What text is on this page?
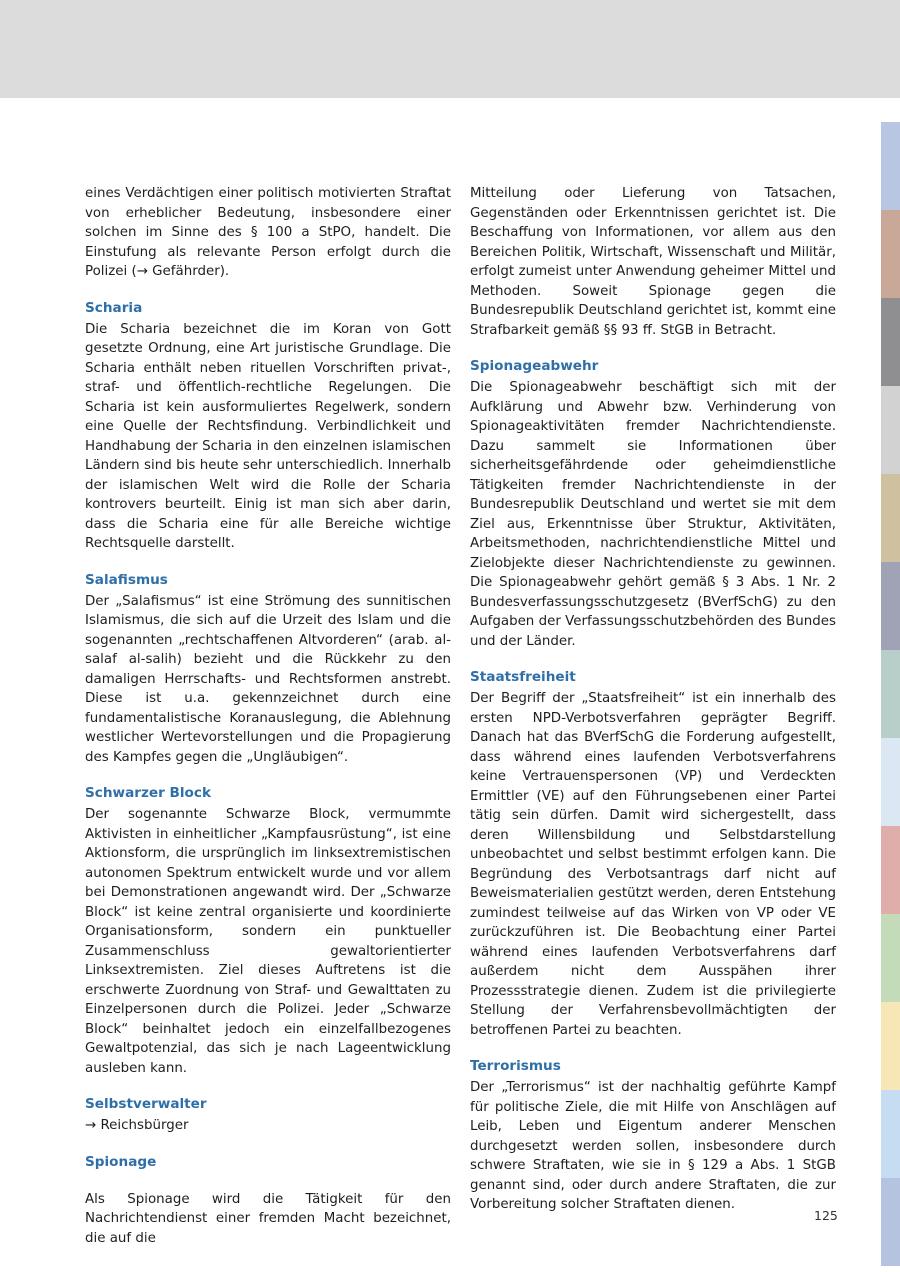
eines Verdächtigen einer politisch motivierten Straftat von erheblicher Bedeutung, insbesondere einer solchen im Sinne des § 100 a StPO, handelt. Die Einstufung als relevante Person erfolgt durch die Polizei (→ Gefährder).

Scharia

Die Scharia bezeichnet die im Koran von Gott gesetzte Ordnung, eine Art juristische Grundlage. Die Scharia enthält neben rituellen Vorschriften privat-, straf- und öffentlich-rechtliche Regelungen. Die Scharia ist kein ausformuliertes Regelwerk, sondern eine Quelle der Rechtsfindung. Verbindlichkeit und Handhabung der Scharia in den einzelnen islamischen Ländern sind bis heute sehr unterschiedlich. Innerhalb der islamischen Welt wird die Rolle der Scharia kontrovers beurteilt. Einig ist man sich aber darin, dass die Scharia eine für alle Bereiche wichtige Rechtsquelle darstellt.

Salafismus

Der „Salafismus“ ist eine Strömung des sunnitischen Islamismus, die sich auf die Urzeit des Islam und die sogenannten „rechtschaffenen Altvorderen“ (arab. al-salaf al-salih) bezieht und die Rückkehr zu den damaligen Herrschafts- und Rechtsformen anstrebt. Diese ist u.a. gekennzeichnet durch eine fundamentalistische Koranauslegung, die Ablehnung westlicher Wertevorstellungen und die Propagierung des Kampfes gegen die „Ungläubigen“.

Schwarzer Block

Der sogenannte Schwarze Block, vermummte Aktivisten in einheitlicher „Kampfausrüstung“, ist eine Aktionsform, die ursprünglich im linksextremistischen autonomen Spektrum entwickelt wurde und vor allem bei Demonstrationen angewandt wird. Der „Schwarze Block“ ist keine zentral organisierte und koordinierte Organisationsform, sondern ein punktueller Zusammenschluss gewaltorientierter Linksextremisten. Ziel dieses Auftretens ist die erschwerte Zuordnung von Straf- und Gewalttaten zu Einzelpersonen durch die Polizei. Jeder „Schwarze Block“ beinhaltet jedoch ein einzelfallbezogenes Gewaltpotenzial, das sich je nach Lageentwicklung ausleben kann.

Selbstverwalter

→ Reichsbürger

Spionage

Als Spionage wird die Tätigkeit für den Nachrichtendienst einer fremden Macht bezeichnet, die auf die

Mitteilung oder Lieferung von Tatsachen, Gegenständen oder Erkenntnissen gerichtet ist. Die Beschaffung von Informationen, vor allem aus den Bereichen Politik, Wirtschaft, Wissenschaft und Militär, erfolgt zumeist unter Anwendung geheimer Mittel und Methoden. Soweit Spionage gegen die Bundesrepublik Deutschland gerichtet ist, kommt eine Strafbarkeit gemäß §§ 93 ff. StGB in Betracht.

Spionageabwehr

Die Spionageabwehr beschäftigt sich mit der Aufklärung und Abwehr bzw. Verhinderung von Spionageaktivitäten fremder Nachrichtendienste. Dazu sammelt sie Informationen über sicherheitsgefährdende oder geheimdienstliche Tätigkeiten fremder Nachrichtendienste in der Bundesrepublik Deutschland und wertet sie mit dem Ziel aus, Erkenntnisse über Struktur, Aktivitäten, Arbeitsmethoden, nachrichtendienstliche Mittel und Zielobjekte dieser Nachrichtendienste zu gewinnen. Die Spionageabwehr gehört gemäß § 3 Abs. 1 Nr. 2 Bundesverfassungsschutzgesetz (BVerfSchG) zu den Aufgaben der Verfassungsschutzbehörden des Bundes und der Länder.

Staatsfreiheit

Der Begriff der „Staatsfreiheit“ ist ein innerhalb des ersten NPD-Verbotsverfahren geprägter Begriff. Danach hat das BVerfSchG die Forderung aufgestellt, dass während eines laufenden Verbotsverfahrens keine Vertrauenspersonen (VP) und Verdeckten Ermittler (VE) auf den Führungsebenen einer Partei tätig sein dürfen. Damit wird sichergestellt, dass deren Willensbildung und Selbstdarstellung unbeobachtet und selbst bestimmt erfolgen kann. Die Begründung des Verbotsantrags darf nicht auf Beweismaterialien gestützt werden, deren Entstehung zumindest teilweise auf das Wirken von VP oder VE zurückzuführen ist. Die Beobachtung einer Partei während eines laufenden Verbotsverfahrens darf außerdem nicht dem Ausspähen ihrer Prozessstrategie dienen. Zudem ist die privilegierte Stellung der Verfahrensbevollmächtigten der betroffenen Partei zu beachten.

Terrorismus

Der „Terrorismus“ ist der nachhaltig geführte Kampf für politische Ziele, die mit Hilfe von Anschlägen auf Leib, Leben und Eigentum anderer Menschen durchgesetzt werden sollen, insbesondere durch schwere Straftaten, wie sie in § 129 a Abs. 1 StGB genannt sind, oder durch andere Straftaten, die zur Vorbereitung solcher Straftaten dienen.

125
